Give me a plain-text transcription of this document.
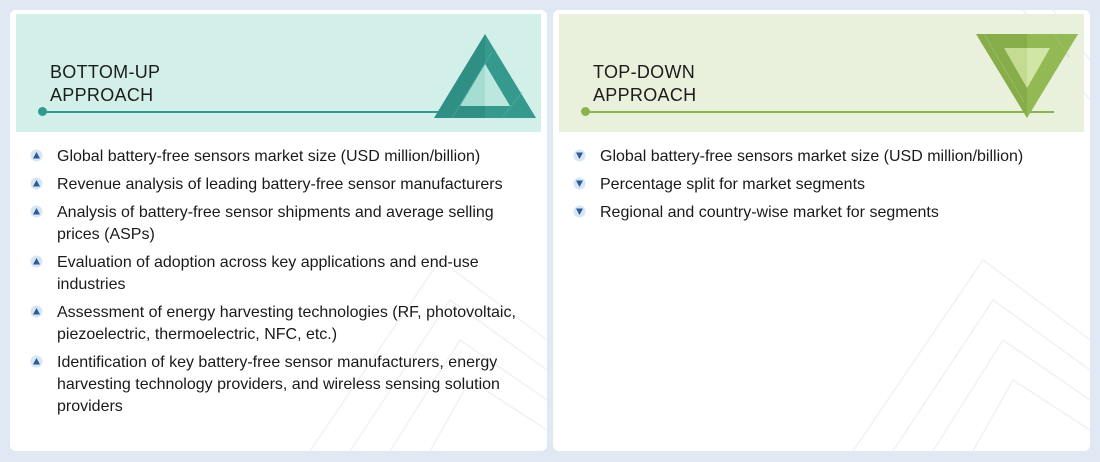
BOTTOM-UP
APPROACH
Global battery-free sensors market size (USD million/billion)
Revenue analysis of leading battery-free sensor manufacturers
Analysis of battery-free sensor shipments and average selling prices (ASPs)
Evaluation of adoption across key applications and end-use industries
Assessment of energy harvesting technologies (RF, photovoltaic, piezoelectric, thermoelectric, NFC, etc.)
Identification of key battery-free sensor manufacturers, energy harvesting technology providers, and wireless sensing solution providers
TOP-DOWN
APPROACH
Global battery-free sensors market size (USD million/billion)
Percentage split for market segments
Regional and country-wise market for segments
